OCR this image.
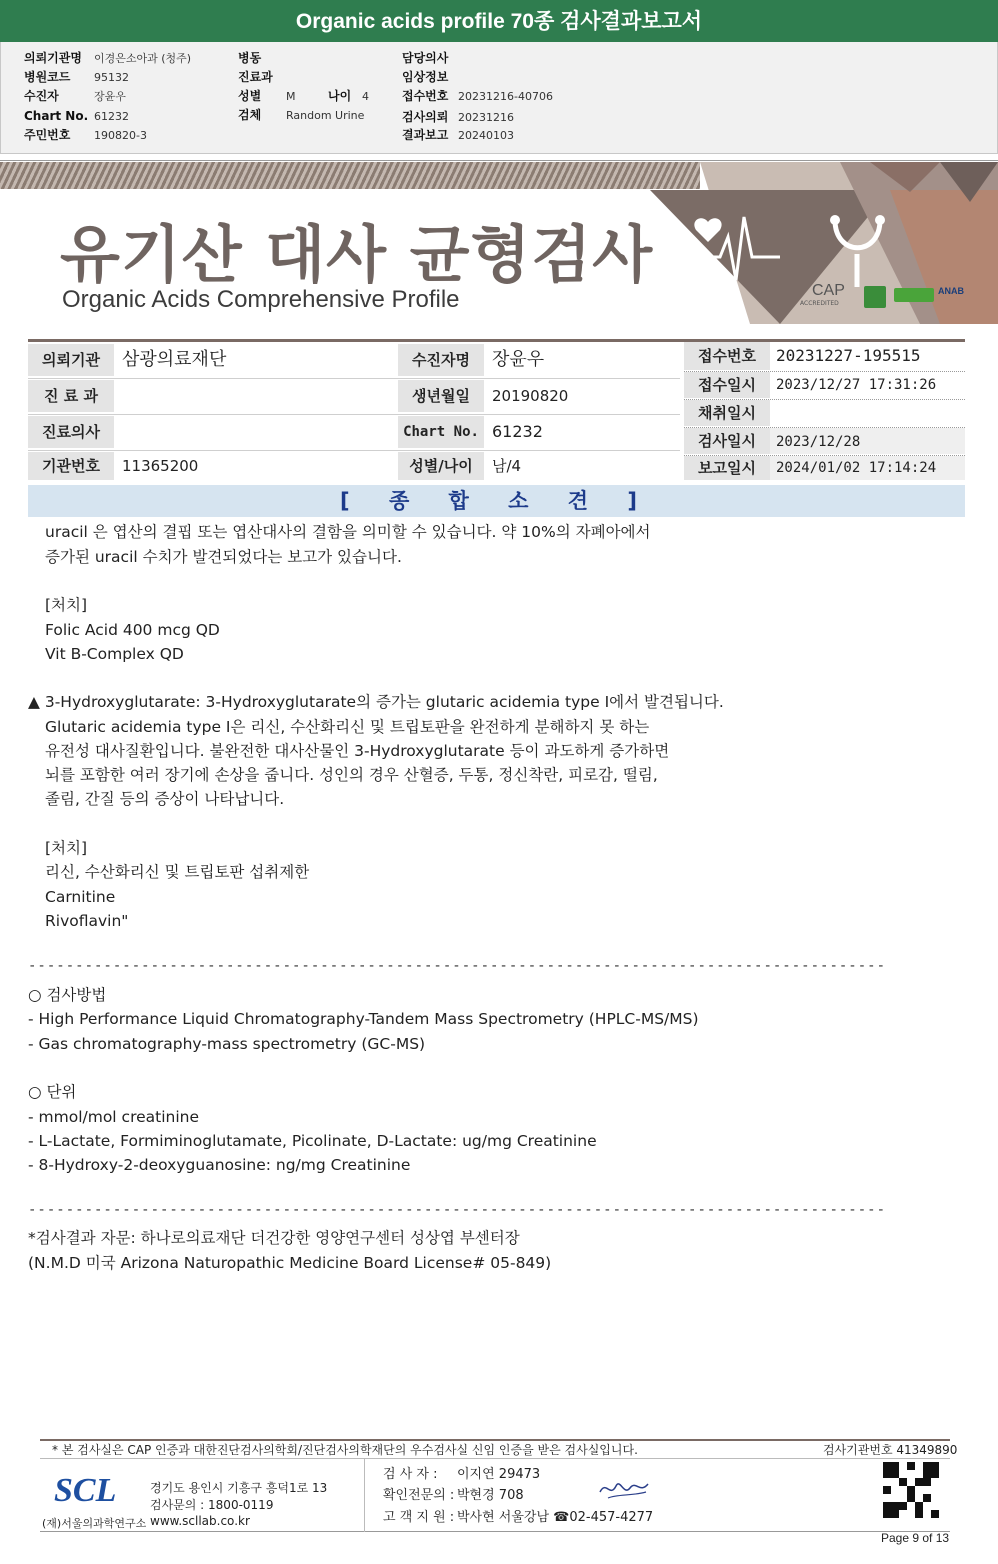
Organic acids profile 70종 검사결과보고서
의뢰기관명 이경은소아과 (청주)
병원코드 95132
수진자	장윤우
Chart No. 61232
주민번호 190820-3
병동
진료과
성별 M	나이 4
검체 Random Urine
담당의사
임상정보
접수번호 20231216-40706
검사의뢰 20231216
결과보고 20240103
유기산 대사 균형검사
Organic Acids Comprehensive Profile	CAP
ACCREDITED
ANAB
의뢰기관	삼광의료재단
진 료 과
진료의사
기관번호	11365200
수진자명	장윤우
생년월일	20190820
Chart No. 61232
성별/나이	남/4
접수번호	20231227-195515
접수일시	2023/12/27 17:31:26
채취일시
검사일시	2023/12/28
보고일시	2024/01/02 17:14:24
[ 종 합 소 견 ]
uracil 은 엽산의 결핍 또는 엽산대사의 결함을 의미할 수 있습니다. 약 10%의 자폐아에서
증가된 uracil 수치가 발견되었다는 보고가 있습니다.
[처치]
Folic Acid 400 mcg QD
Vit B-Complex QD
▲ 3-Hydroxyglutarate: 3-Hydroxyglutarate의 증가는 glutaric acidemia type I에서 발견됩니다.
Glutaric acidemia type I은 리신, 수산화리신 및 트립토판을 완전하게 분해하지 못 하는
유전성 대사질환입니다. 불완전한 대사산물인 3-Hydroxyglutarate 등이 과도하게 증가하면
뇌를 포함한 여러 장기에 손상을 줍니다. 성인의 경우 산혈증, 두통, 정신착란, 피로감, 떨림,
졸림, 간질 등의 증상이 나타납니다.
[처치]
리신, 수산화리신 및 트립토판 섭취제한
Carnitine
Rivoflavin"
-------------------------------------------------------------------------------------------
○ 검사방법
- High Performance Liquid Chromatography-Tandem Mass Spectrometry (HPLC-MS/MS)
- Gas chromatography-mass spectrometry (GC-MS)
○ 단위
- mmol/mol creatinine
- L-Lactate, Formiminoglutamate, Picolinate, D-Lactate: ug/mg Creatinine
- 8-Hydroxy-2-deoxyguanosine: ng/mg Creatinine
-------------------------------------------------------------------------------------------
*검사결과 자문: 하나로의료재단 더건강한 영양연구센터 성상엽 부센터장
(N.M.D 미국 Arizona Naturopathic Medicine Board License# 05-849)
* 본 검사실은 CAP 인증과 대한진단검사의학회/진단검사의학재단의 우수검사실 신임 인증을 받은 검사실입니다.	검사기관번호 41349890
SCL
(재)서울의과학연구소
경기도 용인시 기흥구 흥덕1로 13
검사문의 : 1800-0119
www.scllab.co.kr
검 사 자 : 이지연 29473
확인전문의 : 박현경 708
고 객 지 원 : 박사현 서울강남 ☎02-457-4277
Page 9 of 13
